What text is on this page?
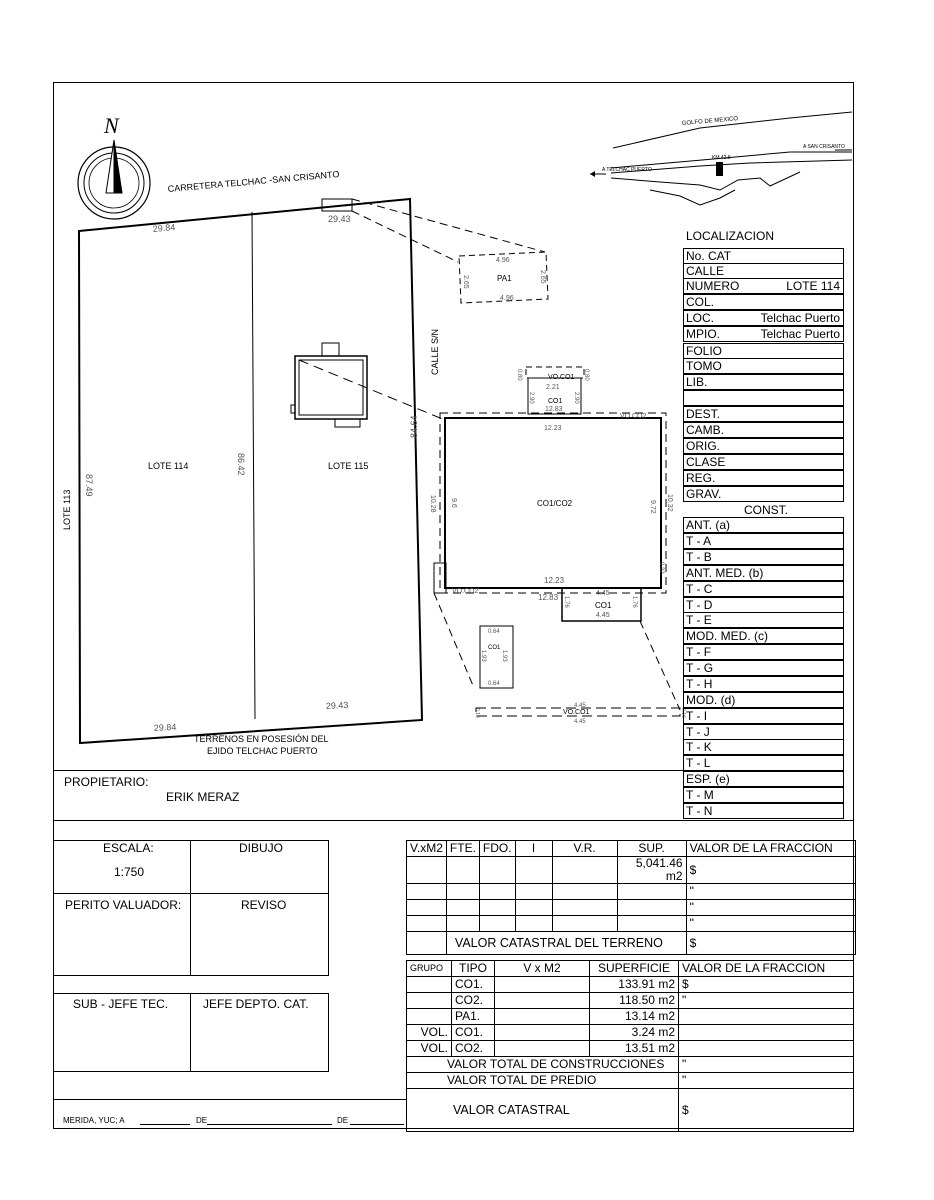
29.84
29.43
29.84
29.43
87.49
86.42
84.64
4.96
4.96
2.65	2.65
2.21
12.83
12.23
0.80	0.80
2.90	2.90
VO.CO2
VO.CO2
12.23
12.83
9.6	9.72
10.28	10.32
0.32
4.45
4.45
1.76	1.76
0.64
0.64
1.93	1.93
4.45
4.45
0.16	0.16
CARRETERA TELCHAC -SAN CRISANTO
CALLE S/N
LOTE 114	LOTE 115
LOTE 113
TERRENOS EN POSESIÓN DEL
EJIDO TELCHAC PUERTO
PA1
VO.CO1
CO1
CO1/CO2
CO1
CO1
VO.CO1
N	GOLFO DE MEXICO
KM 42.5
A TELCHAC PUERTO
A SAN CRISANTO
LOCALIZACION
No. CAT
CALLE
NUMERO	LOTE 114
COL.
LOC.	Telchac Puerto
MPIO.	Telchac Puerto
FOLIO
TOMO
LIB.
DEST.
CAMB.
ORIG.
CLASE
REG.
GRAV.
CONST.
ANT. (a)
T - A
T - B
ANT. MED. (b)
T - C
T - D
T - E
MOD. MED. (c)
T - F
T - G
T - H
MOD. (d)
T - I
T - J
T - K
T - L
ESP. (e)
T - M
T - N
PROPIETARIO:
ERIK MERAZ
ESCALA:
1:750
DIBUJO
PERITO VALUADOR:	REVISO
SUB - JEFE TEC.	JEFE DEPTO. CAT.
MERIDA, YUC; A	DE	DE
V.xM2	FTE.	FDO.	I	V.R.	SUP.	VALOR DE LA FRACCION
					5,041.46 m2	$
						"
						"
						"
	VALOR CATASTRAL DEL TERRENO					$
GRUPO	TIPO	V x M2	SUPERFICIE	VALOR DE LA FRACCION
	CO1.		133.91 m2	$
	CO2.		118.50 m2	"
	PA1.		13.14 m2	
VOL.	CO1.		3.24 m2	
VOL.	CO2.		13.51 m2	
VALOR TOTAL DE CONSTRUCCIONES				"
VALOR TOTAL DE PREDIO				"
VALOR CATASTRAL				$
